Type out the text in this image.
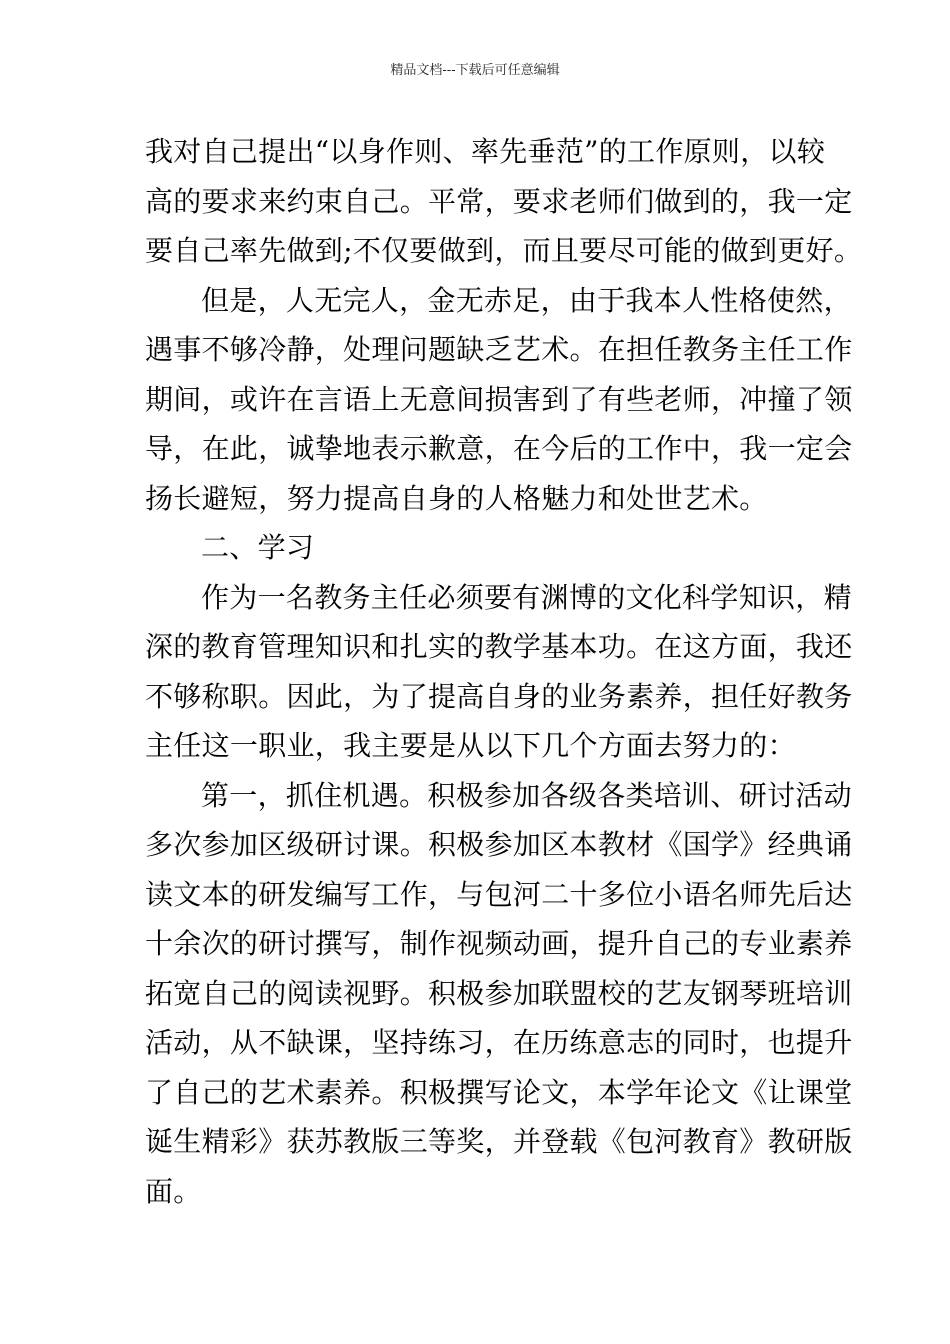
精品文档---下载后可任意编辑
我对自己提出“以身作则、率先垂范”的工作原则，以较
高的要求来约束自己。平常，要求老师们做到的，我一定
要自己率先做到;不仅要做到，而且要尽可能的做到更好。
但是，人无完人，金无赤足，由于我本人性格使然，
遇事不够冷静，处理问题缺乏艺术。在担任教务主任工作
期间，或许在言语上无意间损害到了有些老师，冲撞了领
导，在此，诚挚地表示歉意，在今后的工作中，我一定会
扬长避短，努力提高自身的人格魅力和处世艺术。
二、学习
作为一名教务主任必须要有渊博的文化科学知识，精
深的教育管理知识和扎实的教学基本功。在这方面，我还
不够称职。因此，为了提高自身的业务素养，担任好教务
主任这一职业，我主要是从以下几个方面去努力的：
第一，抓住机遇。积极参加各级各类培训、研讨活动
多次参加区级研讨课。积极参加区本教材《国学》经典诵
读文本的研发编写工作，与包河二十多位小语名师先后达
十余次的研讨撰写，制作视频动画，提升自己的专业素养
拓宽自己的阅读视野。积极参加联盟校的艺友钢琴班培训
活动，从不缺课，坚持练习，在历练意志的同时，也提升
了自己的艺术素养。积极撰写论文，本学年论文《让课堂
诞生精彩》获苏教版三等奖，并登载《包河教育》教研版
面。
